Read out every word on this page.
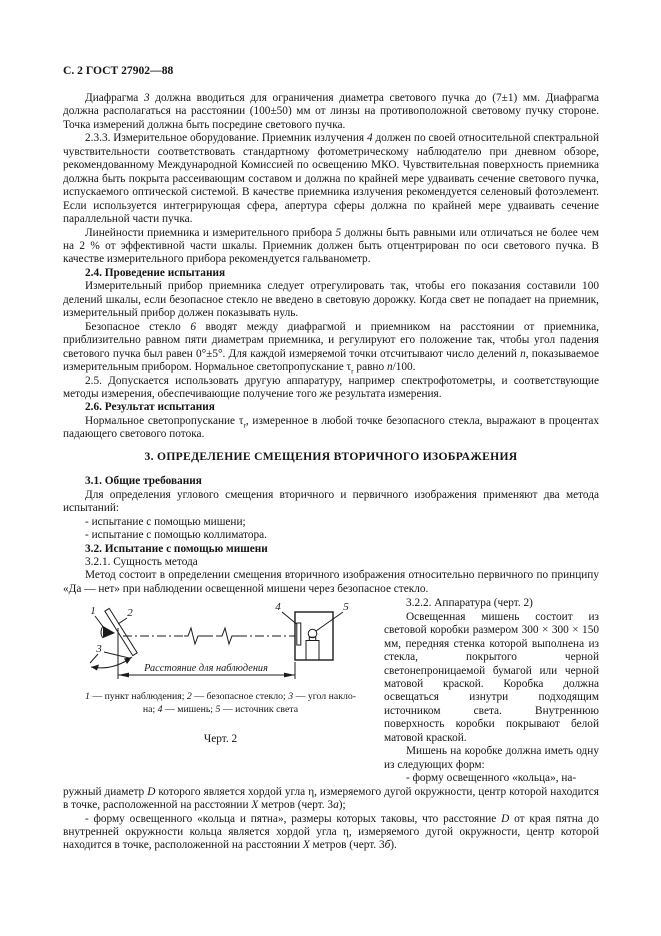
С. 2 ГОСТ 27902—88

Диафрагма 3 должна вводиться для ограничения диаметра светового пучка до (7±1) мм. Диафрагма должна располагаться на расстоянии (100±50) мм от линзы на противоположной световому пучку стороне. Точка измерений должна быть посредине светового пучка.

2.3.3. Измерительное оборудование. Приемник излучения 4 должен по своей относительной спектральной чувствительности соответствовать стандартному фотометрическому наблюдателю при дневном обзоре, рекомендованному Международной Комиссией по освещению МКО. Чувствительная поверхность приемника должна быть покрыта рассеивающим составом и должна по крайней мере удваивать сечение светового пучка, испускаемого оптической системой. В качестве приемника излучения рекомендуется селеновый фотоэлемент. Если используется интегрирующая сфера, апертура сферы должна по крайней мере удваивать сечение параллельной части пучка.

Линейности приемника и измерительного прибора 5 должны быть равными или отличаться не более чем на 2 % от эффективной части шкалы. Приемник должен быть отцентрирован по оси светового пучка. В качестве измерительного прибора рекомендуется гальванометр.

2.4. Проведение испытания

Измерительный прибор приемника следует отрегулировать так, чтобы его показания составили 100 делений шкалы, если безопасное стекло не введено в световую дорожку. Когда свет не попадает на приемник, измерительный прибор должен показывать нуль.

Безопасное стекло 6 вводят между диафрагмой и приемником на расстоянии от приемника, приблизительно равном пяти диаметрам приемника, и регулируют его положение так, чтобы угол падения светового пучка был равен 0°±5°. Для каждой измеряемой точки отсчитывают число делений n, показываемое измерительным прибором. Нормальное светопропускание $\tau_r$ равно n/100.

2.5. Допускается использовать другую аппаратуру, например спектрофотометры, и соответствующие методы измерения, обеспечивающие получение того же результата измерения.

2.6. Результат испытания

Нормальное светопропускание $\tau_r$, измеренное в любой точке безопасного стекла, выражают в процентах падающего светового потока.

3. ОПРЕДЕЛЕНИЕ СМЕЩЕНИЯ ВТОРИЧНОГО ИЗОБРАЖЕНИЯ

3.1. Общие требования

Для определения углового смещения вторичного и первичного изображения применяют два метода испытаний:

- испытание с помощью мишени;

- испытание с помощью коллиматора.

3.2. Испытание с помощью мишени

3.2.1. Сущность метода

Метод состоит в определении смещения вторичного изображения относительно первичного по принципу «Да — нет» при наблюдении освещенной мишени через безопасное стекло.

1	2
3
4	5
Расстояние для наблюдения

1 — пункт наблюдения; 2 — безопасное стекло; 3 — угол накло-

на; 4 — мишень; 5 — источник света

Черт. 2

3.2.2. Аппаратура (черт. 2)

Освещенная мишень состоит из световой коробки размером 300 × 300 × 150 мм, передняя стенка которой выполнена из стекла, покрытого черной светонепроницаемой бумагой или черной матовой краской. Коробка должна освещаться изнутри подходящим источником света. Внутреннюю поверхность коробки покрывают белой матовой краской.

Мишень на коробке должна иметь одну из следующих форм:

- форму освещенного «кольца», на-

ружный диаметр D которого является хордой угла η, измеряемого дугой окружности, центр которой находится в точке, расположенной на расстоянии X метров (черт. 3а);

- форму освещенного «кольца и пятна», размеры которых таковы, что расстояние D от края пятна до внутренней окружности кольца является хордой угла η, измеряемого дугой окружности, центр которой находится в точке, расположенной на расстоянии X метров (черт. 3б).
